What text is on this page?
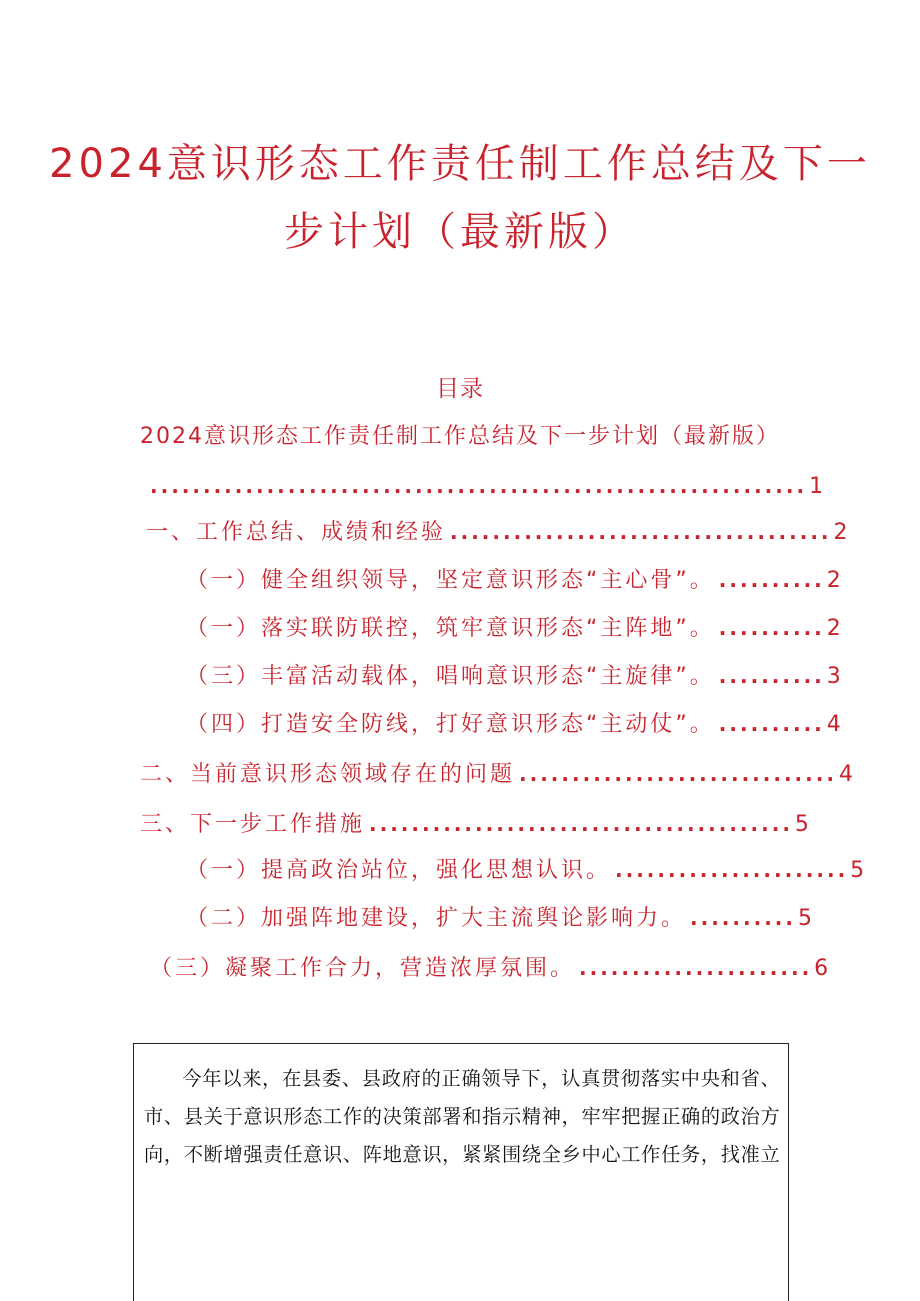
2024意识形态工作责任制工作总结及下一
步计划（最新版）
目录
2024意识形态工作责任制工作总结及下一步计划（最新版）
.............................................................. 1
一、工作总结、成绩和经验 .................................... 2
（一）健全组织领导，坚定意识形态“主心骨”。 .......... 2
（一）落实联防联控，筑牢意识形态“主阵地”。 .......... 2
（三）丰富活动载体，唱响意识形态“主旋律”。 .......... 3
（四）打造安全防线，打好意识形态“主动仗”。 .......... 4
二、当前意识形态领域存在的问题 .............................. 4
三、下一步工作措施 ........................................ 5
（一）提高政治站位，强化思想认识。 ...................... 5
（二）加强阵地建设，扩大主流舆论影响力。 .......... 5
（三）凝聚工作合力，营造浓厚氛围。 ...................... 6

今年以来，在县委、县政府的正确领导下，认真贯彻落实中央和省、市、县关于意识形态工作的决策部署和指示精神，牢牢把握正确的政治方向，不断增强责任意识、阵地意识，紧紧围绕全乡中心工作任务，找准立
